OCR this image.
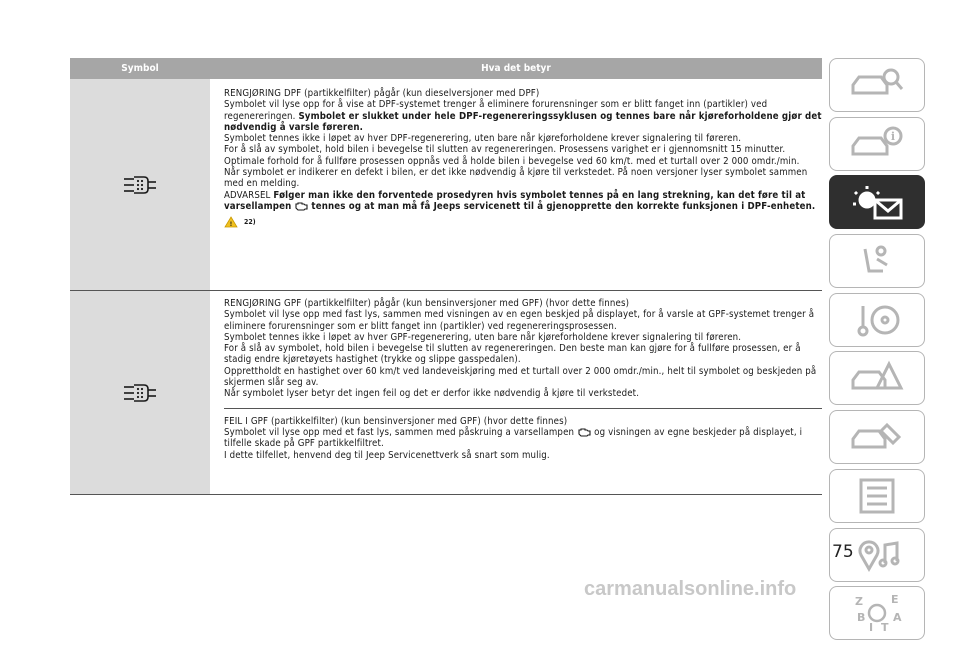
Symbol	Hva det betyr

RENGJØRING DPF (partikkelfilter) pågår (kun dieselversjoner med DPF)

Symbolet vil lyse opp for å vise at DPF-systemet trenger å eliminere forurensninger som er blitt fanget inn (partikler) ved regenereringen. Symbolet er slukket under hele DPF-regenereringssyklusen og tennes bare når kjøreforholdene gjør det nødvendig å varsle føreren.

Symbolet tennes ikke i løpet av hver DPF-regenerering, uten bare når kjøreforholdene krever signalering til føreren.

For å slå av symbolet, hold bilen i bevegelse til slutten av regenereringen. Prosessens varighet er i gjennomsnitt 15 minutter. Optimale forhold for å fullføre prosessen oppnås ved å holde bilen i bevegelse ved 60 km/t. med et turtall over 2 000 omdr./min.

Når symbolet er indikerer en defekt i bilen, er det ikke nødvendig å kjøre til verkstedet. På noen versjoner lyser symbolet sammen med en melding.

ADVARSEL Følger man ikke den forventede prosedyren hvis symbolet tennes på en lang strekning, kan det føre til at varsellampen tennes og at man må få Jeeps servicenett til å gjenopprette den korrekte funksjonen i DPF-enheten.

! 22)

RENGJØRING GPF (partikkelfilter) pågår (kun bensinversjoner med GPF) (hvor dette finnes)

Symbolet vil lyse opp med fast lys, sammen med visningen av en egen beskjed på displayet, for å varsle at GPF-systemet trenger å eliminere forurensninger som er blitt fanget inn (partikler) ved regenereringsprosessen.

Symbolet tennes ikke i løpet av hver GPF-regenerering, uten bare når kjøreforholdene krever signalering til føreren.

For å slå av symbolet, hold bilen i bevegelse til slutten av regenereringen. Den beste man kan gjøre for å fullføre prosessen, er å stadig endre kjøretøyets hastighet (trykke og slippe gasspedalen).

Opprettholdt en hastighet over 60 km/t ved landeveiskjøring med et turtall over 2 000 omdr./min., helt til symbolet og beskjeden på skjermen slår seg av.

Når symbolet lyser betyr det ingen feil og det er derfor ikke nødvendig å kjøre til verkstedet.

FEIL I GPF (partikkelfilter) (kun bensinversjoner med GPF) (hvor dette finnes)

Symbolet vil lyse opp med et fast lys, sammen med påskruing a varsellampen og visningen av egne beskjeder på displayet, i tilfelle skade på GPF partikkelfiltret.

I dette tilfellet, henvend deg til Jeep Servicenettverk så snart som mulig.

i
Z	E
B	A
I T
75
carmanualsonline.info
